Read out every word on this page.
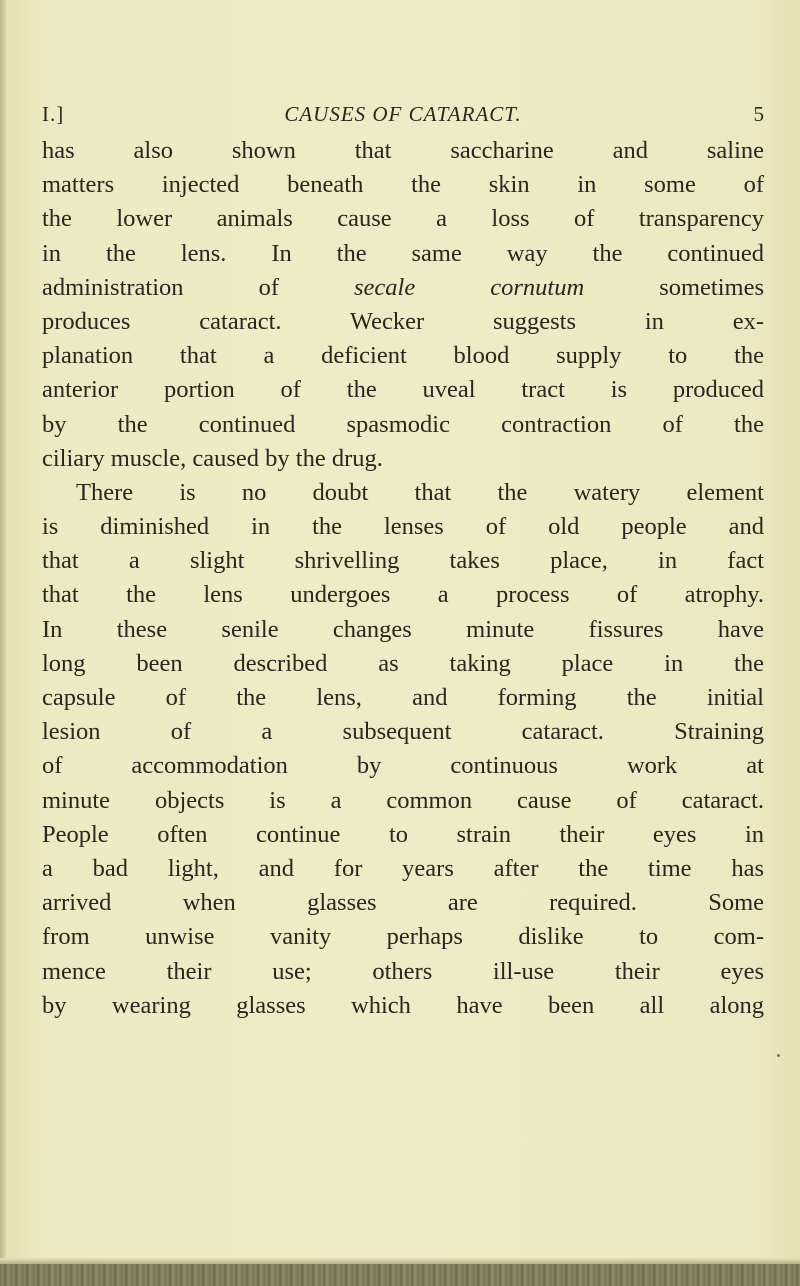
I.]	CAUSES OF CATARACT.	5
has also shown that saccharine and saline
matters injected beneath the skin in some of
the lower animals cause a loss of transparency
in the lens. In the same way the continued
administration of	secale cornutum	sometimes
produces cataract. Wecker suggests in ex-
planation that a deficient blood supply to the
anterior portion of the uveal tract is produced
by the continued spasmodic contraction of the
ciliary muscle, caused by the drug.
There is no doubt that the watery element
is diminished in the lenses of old people and
that a slight shrivelling takes place, in fact
that the lens undergoes a process of atrophy.
In these senile changes minute fissures have
long been described as taking place in the
capsule of the lens, and forming the initial
lesion of a subsequent cataract. Straining
of accommodation by continuous work at
minute objects is a common cause of cataract.
People often continue to strain their eyes in
a bad light, and for years after the time has
arrived when glasses are required. Some
from unwise vanity perhaps dislike to com-
mence their use; others ill-use their eyes
by wearing glasses which have been all along
